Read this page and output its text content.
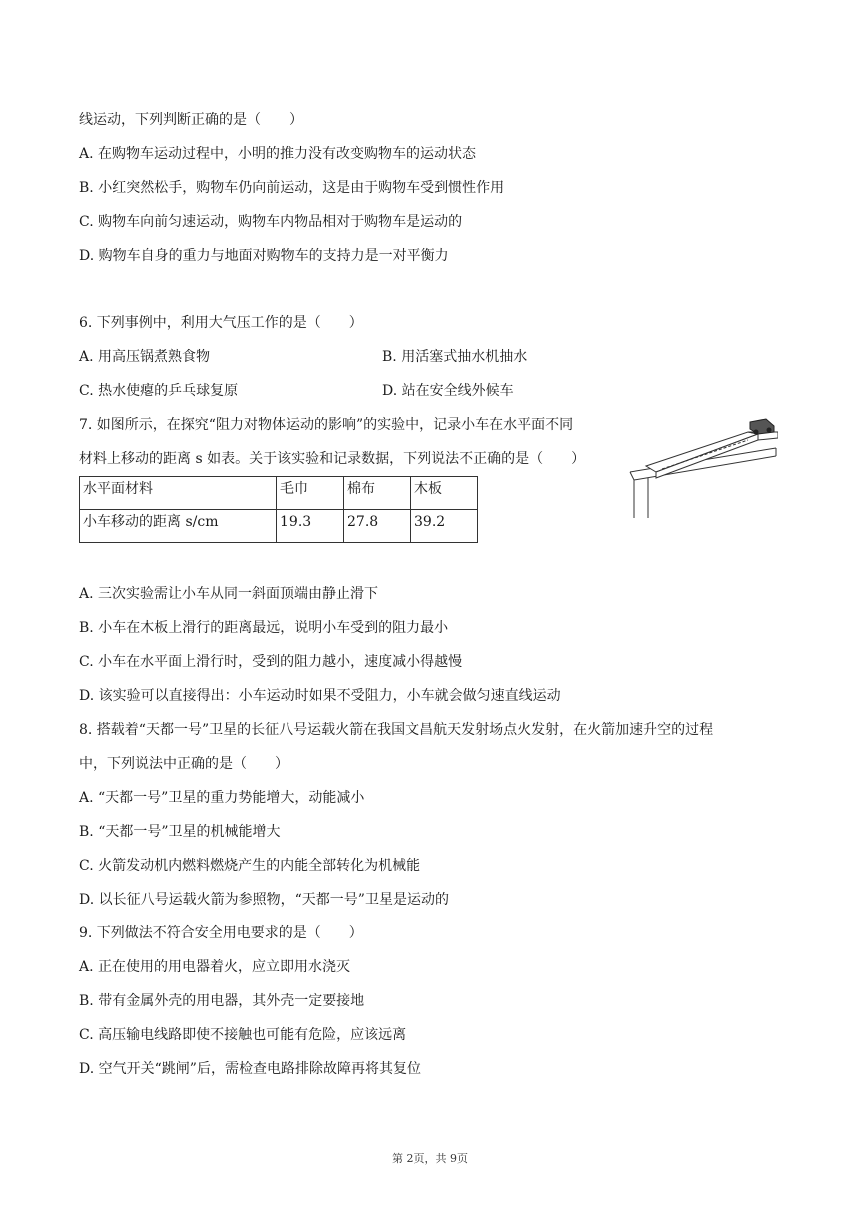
线运动，下列判断正确的是（　　）
A. 在购物车运动过程中，小明的推力没有改变购物车的运动状态
B. 小红突然松手，购物车仍向前运动，这是由于购物车受到惯性作用
C. 购物车向前匀速运动，购物车内物品相对于购物车是运动的
D. 购物车自身的重力与地面对购物车的支持力是一对平衡力
6. 下列事例中，利用大气压工作的是（　　）
A. 用高压锅煮熟食物	B. 用活塞式抽水机抽水
C. 热水使瘪的乒乓球复原	D. 站在安全线外候车
7. 如图所示，在探究“阻力对物体运动的影响”的实验中，记录小车在水平面不同
材料上移动的距离 s 如表。关于该实验和记录数据，下列说法不正确的是（　　）
水平面材料	毛巾	棉布	木板
小车移动的距离 s/cm	19.3	27.8	39.2
A. 三次实验需让小车从同一斜面顶端由静止滑下
B. 小车在木板上滑行的距离最远，说明小车受到的阻力最小
C. 小车在水平面上滑行时，受到的阻力越小，速度减小得越慢
D. 该实验可以直接得出：小车运动时如果不受阻力，小车就会做匀速直线运动
8. 搭载着“天都一号”卫星的长征八号运载火箭在我国文昌航天发射场点火发射，在火箭加速升空的过程
中，下列说法中正确的是（　　）
A. “天都一号”卫星的重力势能增大，动能减小
B. “天都一号”卫星的机械能增大
C. 火箭发动机内燃料燃烧产生的内能全部转化为机械能
D. 以长征八号运载火箭为参照物，“天都一号”卫星是运动的
9. 下列做法不符合安全用电要求的是（　　）
A. 正在使用的用电器着火，应立即用水浇灭
B. 带有金属外壳的用电器，其外壳一定要接地
C. 高压输电线路即使不接触也可能有危险，应该远离
D. 空气开关“跳闸”后，需检查电路排除故障再将其复位
第 2页，共 9页
